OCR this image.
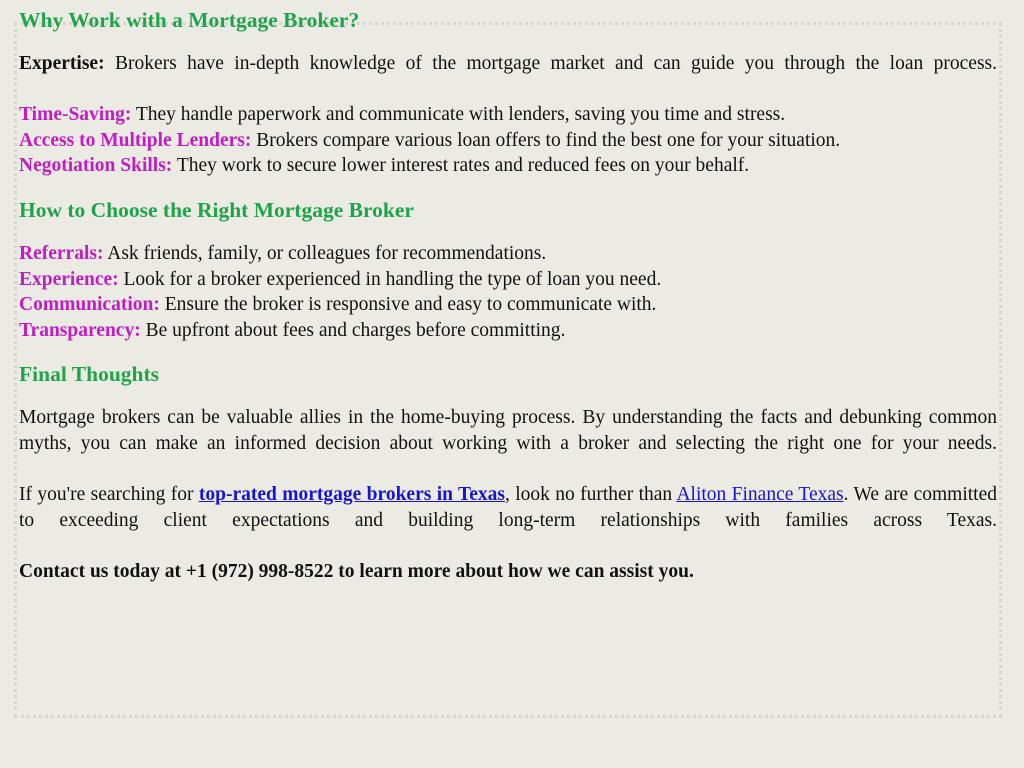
Why Work with a Mortgage Broker?

Expertise: Brokers have in-depth knowledge of the mortgage market and can guide you through the loan process.

Time-Saving: They handle paperwork and communicate with lenders, saving you time and stress.

Access to Multiple Lenders: Brokers compare various loan offers to find the best one for your situation.

Negotiation Skills: They work to secure lower interest rates and reduced fees on your behalf.

How to Choose the Right Mortgage Broker

Referrals: Ask friends, family, or colleagues for recommendations.

Experience: Look for a broker experienced in handling the type of loan you need.

Communication: Ensure the broker is responsive and easy to communicate with.

Transparency: Be upfront about fees and charges before committing.

Final Thoughts

Mortgage brokers can be valuable allies in the home-buying process. By understanding the facts and debunking common myths, you can make an informed decision about working with a broker and selecting the right one for your needs.

If you're searching for top-rated mortgage brokers in Texas, look no further than Aliton Finance Texas. We are committed to exceeding client expectations and building long-term relationships with families across Texas.

Contact us today at +1 (972) 998-8522 to learn more about how we can assist you.
